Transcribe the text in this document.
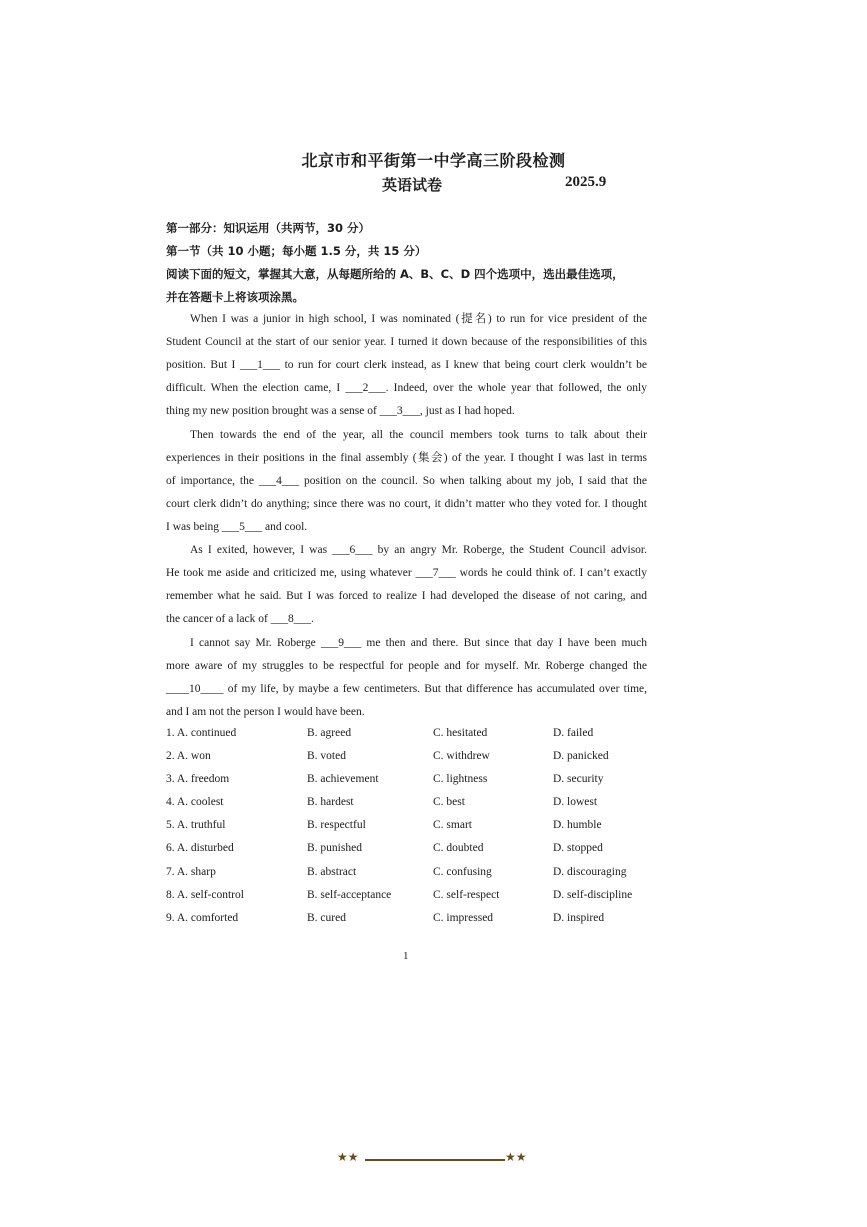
北京市和平街第一中学高三阶段检测
英语试卷	2025.9
第一部分：知识运用（共两节，30 分）
第一节（共 10 小题；每小题 1.5 分，共 15 分）
阅读下面的短文，掌握其大意，从每题所给的 A、B、C、D 四个选项中，选出最佳选项，
并在答题卡上将该项涂黑。
When I was a junior in high school, I was nominated (提名) to run for vice president of the
Student Council at the start of our senior year. I turned it down because of the responsibilities of this
position. But I ___1___ to run for court clerk instead, as I knew that being court clerk wouldn’t be
difficult. When the election came, I ___2___. Indeed, over the whole year that followed, the only
thing my new position brought was a sense of ___3___, just as I had hoped.
Then towards the end of the year, all the council members took turns to talk about their
experiences in their positions in the final assembly (集会) of the year. I thought I was last in terms
of importance, the ___4___ position on the council. So when talking about my job, I said that the
court clerk didn’t do anything; since there was no court, it didn’t matter who they voted for. I thought
I was being ___5___ and cool.
As I exited, however, I was ___6___ by an angry Mr. Roberge, the Student Council advisor.
He took me aside and criticized me, using whatever ___7___ words he could think of. I can’t exactly
remember what he said. But I was forced to realize I had developed the disease of not caring, and
the cancer of a lack of ___8___.
I cannot say Mr. Roberge ___9___ me then and there. But since that day I have been much
more aware of my struggles to be respectful for people and for myself. Mr. Roberge changed the
____10____ of my life, by maybe a few centimeters. But that difference has accumulated over time,
and I am not the person I would have been.
1. A. continued	B. agreed	C. hesitated	D. failed
2. A. won	B. voted	C. withdrew	D. panicked
3. A. freedom	B. achievement	C. lightness	D. security
4. A. coolest	B. hardest	C. best	D. lowest
5. A. truthful	B. respectful	C. smart	D. humble
6. A. disturbed	B. punished	C. doubted	D. stopped
7. A. sharp	B. abstract	C. confusing	D. discouraging
8. A. self-control	B. self-acceptance	C. self-respect	D. self-discipline
9. A. comforted	B. cured	C. impressed	D. inspired
1
★★	★★
